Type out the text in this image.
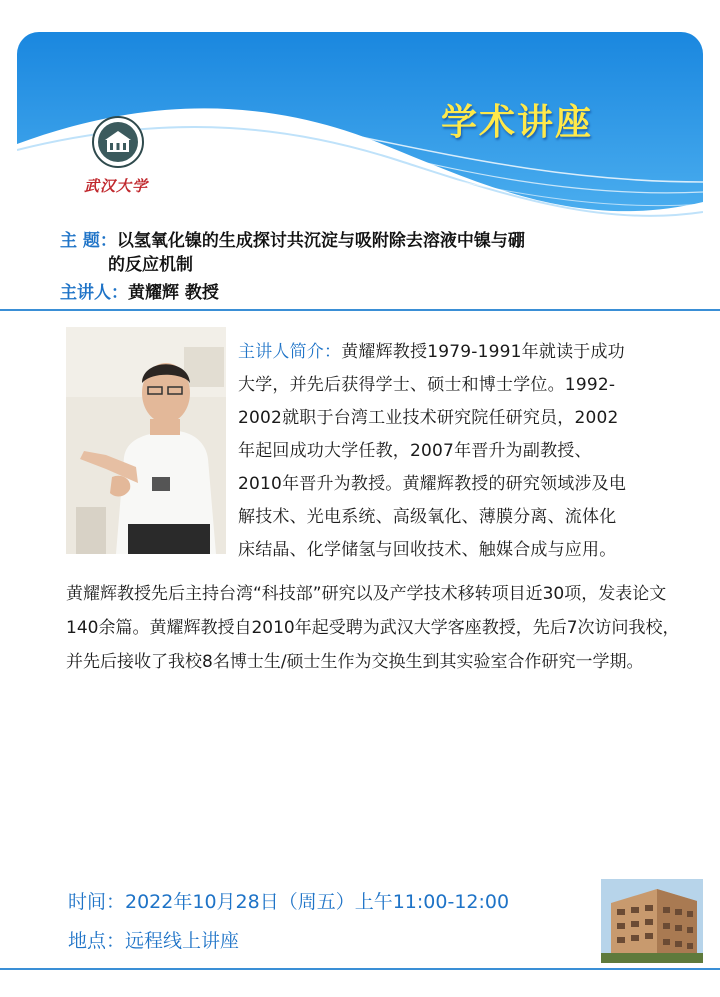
学术讲座
武汉大学
主 题：以氢氧化镍的生成探讨共沉淀与吸附除去溶液中镍与硼
的反应机制
主讲人：黄耀辉 教授
主讲人简介：黄耀辉教授1979-1991年就读于成功
大学，并先后获得学士、硕士和博士学位。1992-
2002就职于台湾工业技术研究院任研究员，2002
年起回成功大学任教，2007年晋升为副教授、
2010年晋升为教授。黄耀辉教授的研究领域涉及电
解技术、光电系统、高级氧化、薄膜分离、流体化
床结晶、化学储氢与回收技术、触媒合成与应用。
黄耀辉教授先后主持台湾“科技部”研究以及产学技术移转项目近30项，发表论文140余篇。黄耀辉教授自2010年起受聘为武汉大学客座教授，先后7次访问我校，并先后接收了我校8名博士生/硕士生作为交换生到其实验室合作研究一学期。
时间：2022年10月28日（周五）上午11:00-12:00
地点：远程线上讲座
